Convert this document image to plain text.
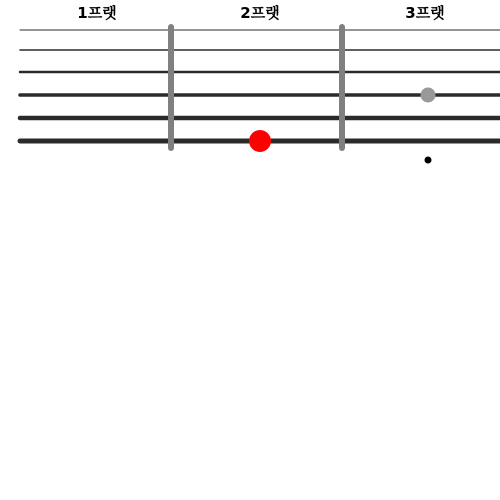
1프랫	2프랫	3프랫
